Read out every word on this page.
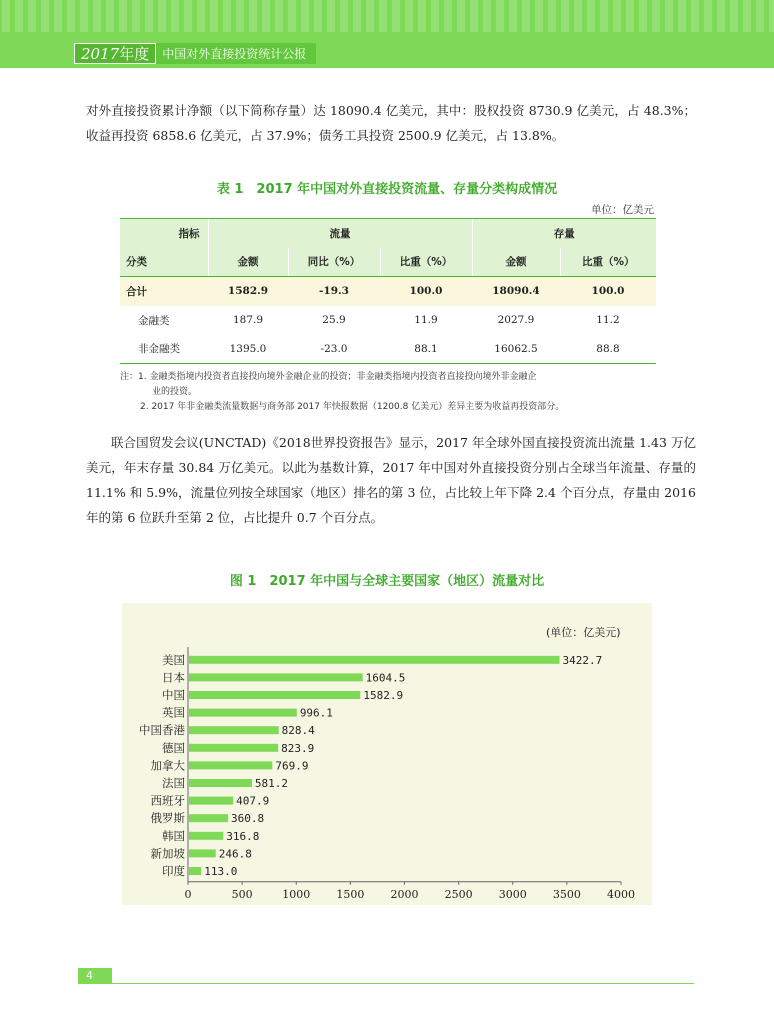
2017年度	中国对外直接投资统计公报

对外直接投资累计净额（以下简称存量）达 18090.4 亿美元，其中：股权投资 8730.9 亿美元，占 48.3%；收益再投资 6858.6 亿美元，占 37.9%；债务工具投资 2500.9 亿美元，占 13.8%。

表 1　2017 年中国对外直接投资流量、存量分类构成情况
单位：亿美元
指标	流量			存量	
分类	金额	同比（%）	比重（%）	金额	比重（%）
合计	1582.9	-19.3	100.0	18090.4	100.0
金融类	187.9	25.9	11.9	2027.9	11.2
非金融类	1395.0	-23.0	88.1	16062.5	88.8
注：1. 金融类指境内投资者直接投向境外金融企业的投资；非金融类指境内投资者直接投向境外非金融企
业的投资。
2. 2017 年非金融类流量数据与商务部 2017 年快报数据（1200.8 亿美元）差异主要为收益再投资部分。

联合国贸发会议(UNCTAD)《2018世界投资报告》显示，2017 年全球外国直接投资流出流量 1.43 万亿美元，年末存量 30.84 万亿美元。以此为基数计算，2017 年中国对外直接投资分别占全球当年流量、存量的 11.1% 和 5.9%，流量位列按全球国家（地区）排名的第 3 位，占比较上年下降 2.4 个百分点，存量由 2016 年的第 6 位跃升至第 2 位，占比提升 0.7 个百分点。

图 1　2017 年中国与全球主要国家（地区）流量对比
(单位：亿美元)
美国	3422.7
日本	1604.5
中国	1582.9
英国	996.1
中国香港	828.4
德国	823.9
加拿大	769.9
法国	581.2
西班牙	407.9
俄罗斯	360.8
韩国	316.8
新加坡	246.8
印度 113.0
0	500	1000 1500 2000 2500 3000 3500 4000
4
